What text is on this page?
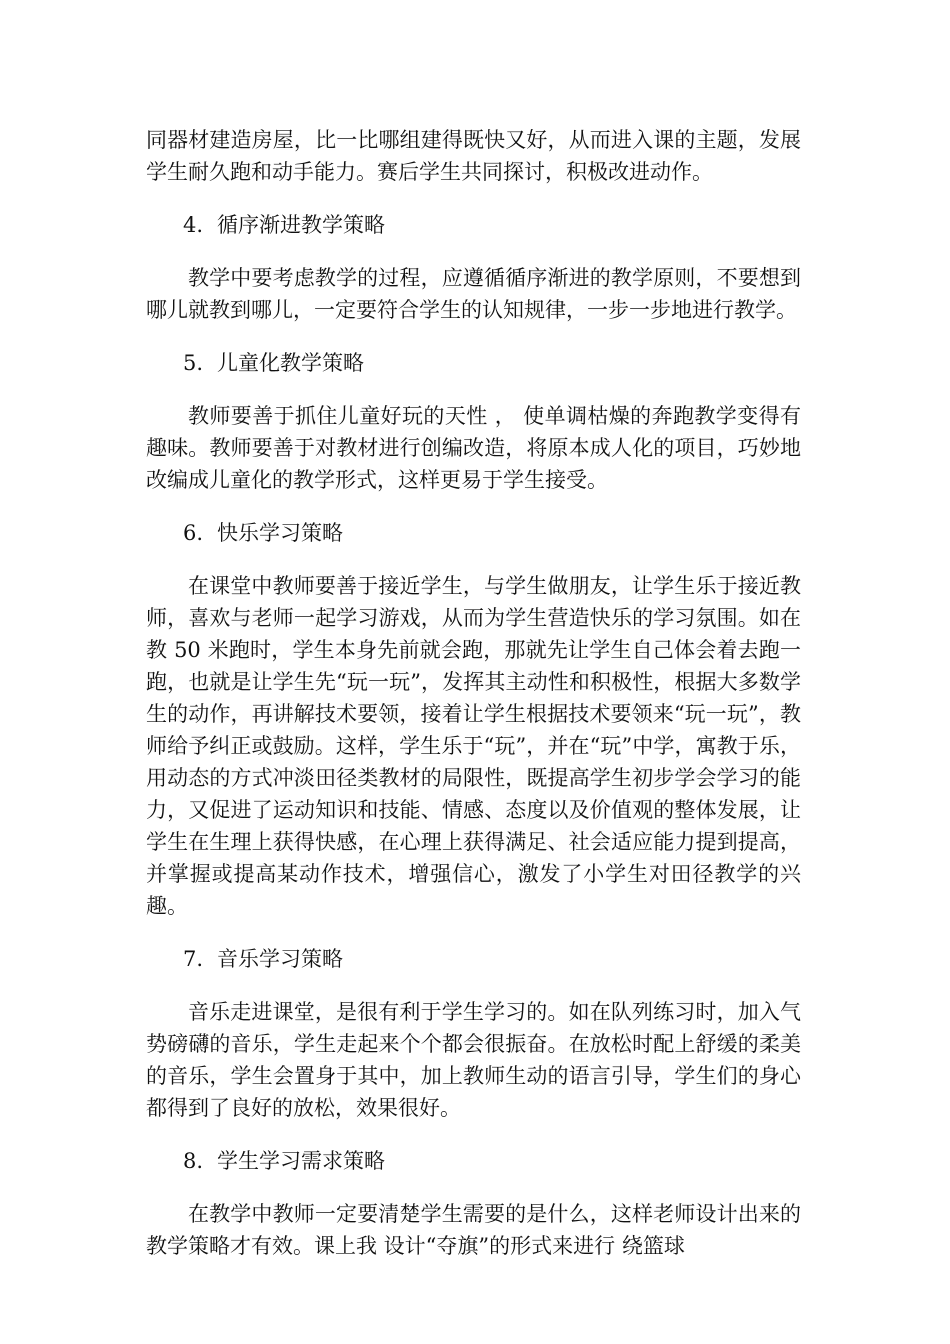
同器材建造房屋，比一比哪组建得既快又好，从而进入课的主题，发展学生耐久跑和动手能力。赛后学生共同探讨，积极改进动作。

4. 循序渐进教学策略

教学中要考虑教学的过程，应遵循循序渐进的教学原则，不要想到哪儿就教到哪儿，一定要符合学生的认知规律，一步一步地进行教学。

5. 儿童化教学策略

教师要善于抓住儿童好玩的天性 ， 使单调枯燥的奔跑教学变得有趣味。教师要善于对教材进行创编改造，将原本成人化的项目，巧妙地改编成儿童化的教学形式，这样更易于学生接受。

6. 快乐学习策略

在课堂中教师要善于接近学生，与学生做朋友，让学生乐于接近教师，喜欢与老师一起学习游戏，从而为学生营造快乐的学习氛围。如在教 50 米跑时，学生本身先前就会跑，那就先让学生自己体会着去跑一跑，也就是让学生先“玩一玩”，发挥其主动性和积极性，根据大多数学生的动作，再讲解技术要领，接着让学生根据技术要领来“玩一玩”，教师给予纠正或鼓励。这样，学生乐于“玩”，并在“玩”中学，寓教于乐，用动态的方式冲淡田径类教材的局限性，既提高学生初步学会学习的能力，又促进了运动知识和技能、情感、态度以及价值观的整体发展，让学生在生理上获得快感，在心理上获得满足、社会适应能力提到提高，并掌握或提高某动作技术，增强信心，激发了小学生对田径教学的兴趣。

7. 音乐学习策略

音乐走进课堂，是很有利于学生学习的。如在队列练习时，加入气势磅礴的音乐，学生走起来个个都会很振奋。在放松时配上舒缓的柔美的音乐，学生会置身于其中，加上教师生动的语言引导，学生们的身心都得到了良好的放松，效果很好。

8. 学生学习需求策略

在教学中教师一定要清楚学生需要的是什么，这样老师设计出来的教学策略才有效。课上我 设计“夺旗”的形式来进行 绕篮球
